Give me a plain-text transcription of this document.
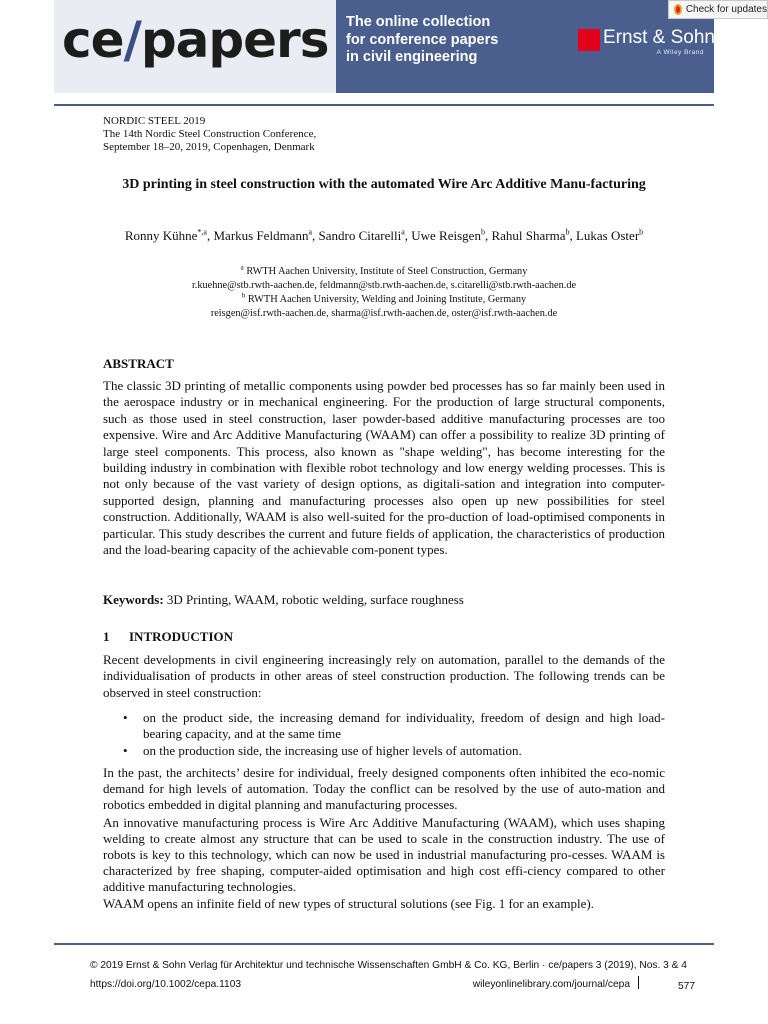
ce/papers The online collection
for conference papers
in civil engineering
Ernst & Sohn
A Wiley Brand
Check for updates
NORDIC STEEL 2019
The 14th Nordic Steel Construction Conference,
September 18–20, 2019, Copenhagen, Denmark
3D printing in steel construction with the automated Wire Arc Additive Manu-facturing
Ronny Kühne$^{*,a}$, Markus Feldmann$^a$, Sandro Citarelli$^a$, Uwe Reisgen$^b$, Rahul Sharma$^b$, Lukas Oster$^b$
$^a$ RWTH Aachen University, Institute of Steel Construction, Germany
r.kuehne@stb.rwth-aachen.de, feldmann@stb.rwth-aachen.de, s.citarelli@stb.rwth-aachen.de
$^b$ RWTH Aachen University, Welding and Joining Institute, Germany
reisgen@isf.rwth-aachen.de, sharma@isf.rwth-aachen.de, oster@isf.rwth-aachen.de
ABSTRACT
The classic 3D printing of metallic components using powder bed processes has so far mainly been used in the aerospace industry or in mechanical engineering. For the production of large structural components, such as those used in steel construction, laser powder-based additive manufacturing processes are too expensive. Wire and Arc Additive Manufacturing (WAAM) can offer a possibility to realize 3D printing of large steel components. This process, also known as "shape welding", has become interesting for the building industry in combination with flexible robot technology and low energy welding processes. This is not only because of the vast variety of design options, as digitali-sation and integration into computer-supported design, planning and manufacturing processes also open up new possibilities for steel construction. Additionally, WAAM is also well-suited for the pro-duction of load-optimised components in particular. This study describes the current and future fields of application, the characteristics of production and the load-bearing capacity of the achievable com-ponent types.
Keywords: 3D Printing, WAAM, robotic welding, surface roughness
1 INTRODUCTION
Recent developments in civil engineering increasingly rely on automation, parallel to the demands of the individualisation of products in other areas of steel construction production. The following trends can be observed in steel construction:
• on the product side, the increasing demand for individuality, freedom of design and high load-bearing capacity, and at the same time
• on the production side, the increasing use of higher levels of automation.
In the past, the architects’ desire for individual, freely designed components often inhibited the eco-nomic demand for high levels of automation. Today the conflict can be resolved by the use of auto-mation and robotics embedded in digital planning and manufacturing processes.
An innovative manufacturing process is Wire Arc Additive Manufacturing (WAAM), which uses shaping welding to create almost any structure that can be used to scale in the construction industry. The use of robots is key to this technology, which can now be used in industrial manufacturing pro-cesses. WAAM is characterized by free shaping, computer-aided optimisation and high cost effi-ciency compared to other additive manufacturing technologies.
WAAM opens an infinite field of new types of structural solutions (see Fig. 1 for an example).
© 2019 Ernst & Sohn Verlag für Architektur und technische Wissenschaften GmbH & Co. KG, Berlin · ce/papers 3 (2019), Nos. 3 & 4
https://doi.org/10.1002/cepa.1103	wileyonlinelibrary.com/journal/cepa	577
